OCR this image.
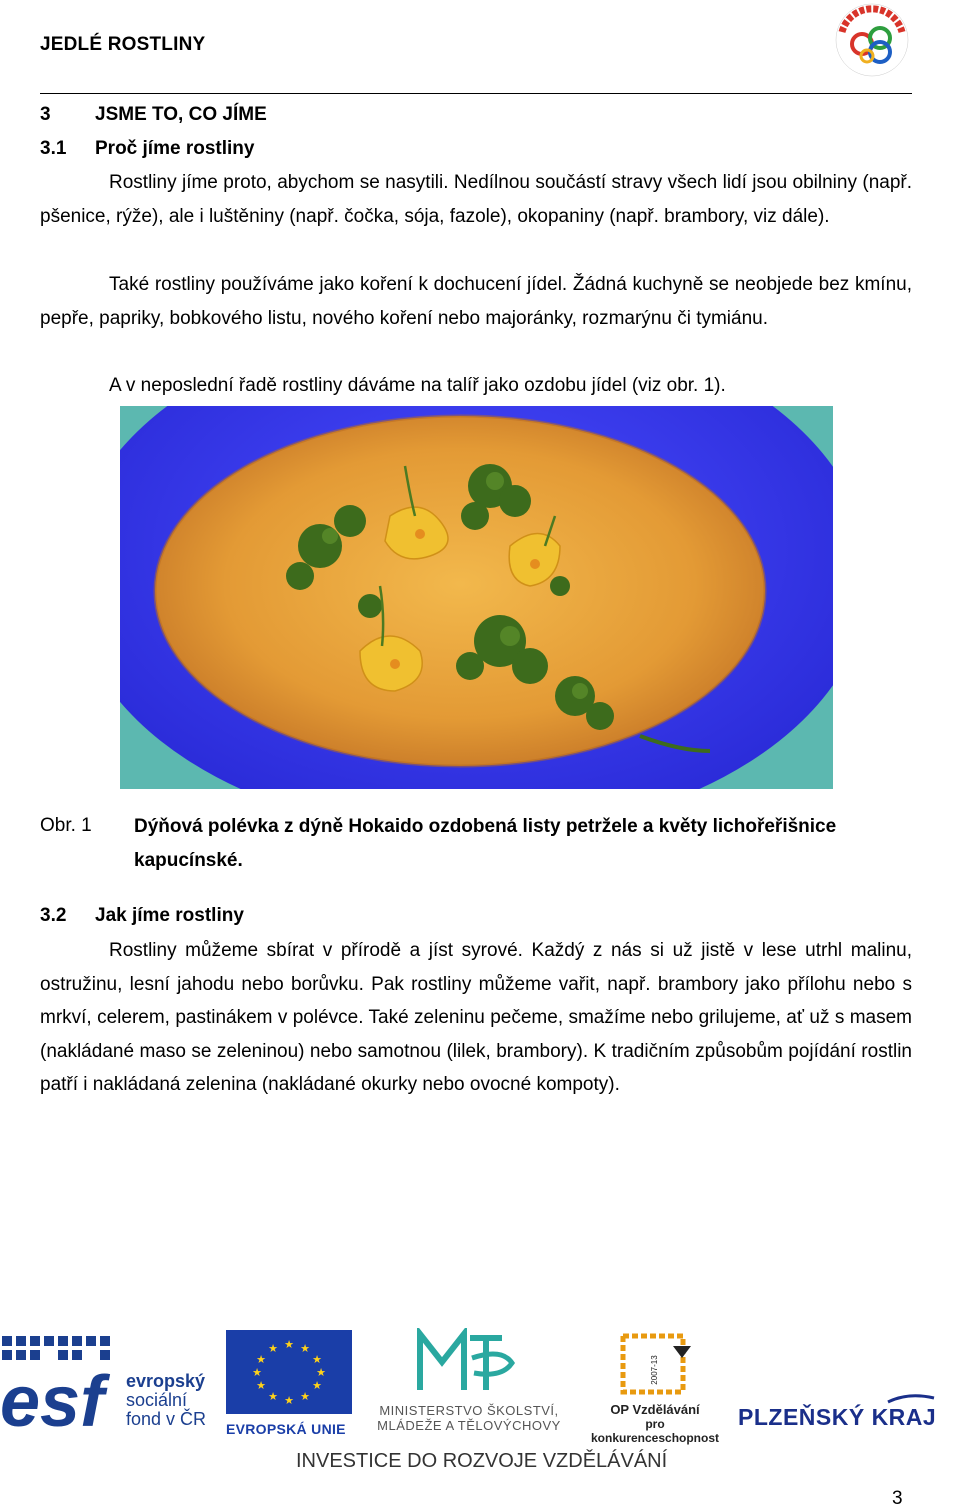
JEDLÉ ROSTLINY
3 JSME TO, CO JÍME
3.1 Proč jíme rostliny
Rostliny jíme proto, abychom se nasytili. Nedílnou součástí stravy všech lidí jsou obilniny (např. pšenice, rýže), ale i luštěniny (např. čočka, sója, fazole), okopaniny (např. brambory, viz dále).
Také rostliny používáme jako koření k dochucení jídel. Žádná kuchyně se neobjede bez kmínu, pepře, papriky, bobkového listu, nového koření nebo majoránky, rozmarýnu či tymiánu.
A v neposlední řadě rostliny dáváme na talíř jako ozdobu jídel (viz obr. 1).
Obr. 1 Dýňová polévka z dýně Hokaido ozdobená listy petržele a květy lichořeřišnice kapucínské.
3.2 Jak jíme rostliny
Rostliny můžeme sbírat v přírodě a jíst syrové. Každý z nás si už jistě v lese utrhl malinu, ostružinu, lesní jahodu nebo borůvku. Pak rostliny můžeme vařit, např. brambory jako přílohu nebo s mrkví, celerem, pastinákem v polévce. Také zeleninu pečeme, smažíme nebo grilujeme, ať už s masem (nakládané maso se zeleninou) nebo samotnou (lilek, brambory). K tradičním způsobům pojídání rostlin patří i nakládaná zelenina (nakládané okurky nebo ovocné kompoty).
esf	evropský
sociální
fond v ČR
★ ★
★
★
★
★
★
★
★
★
★
★
EVROPSKÁ UNIE
MINISTERSTVO ŠKOLSTVÍ,
MLÁDEŽE A TĚLOVÝCHOVY
2007-13
OP Vzdělávání
pro konkurenceschopnost
PLZEŇSKÝ KRAJ
INVESTICE DO ROZVOJE VZDĚLÁVÁNÍ
3
